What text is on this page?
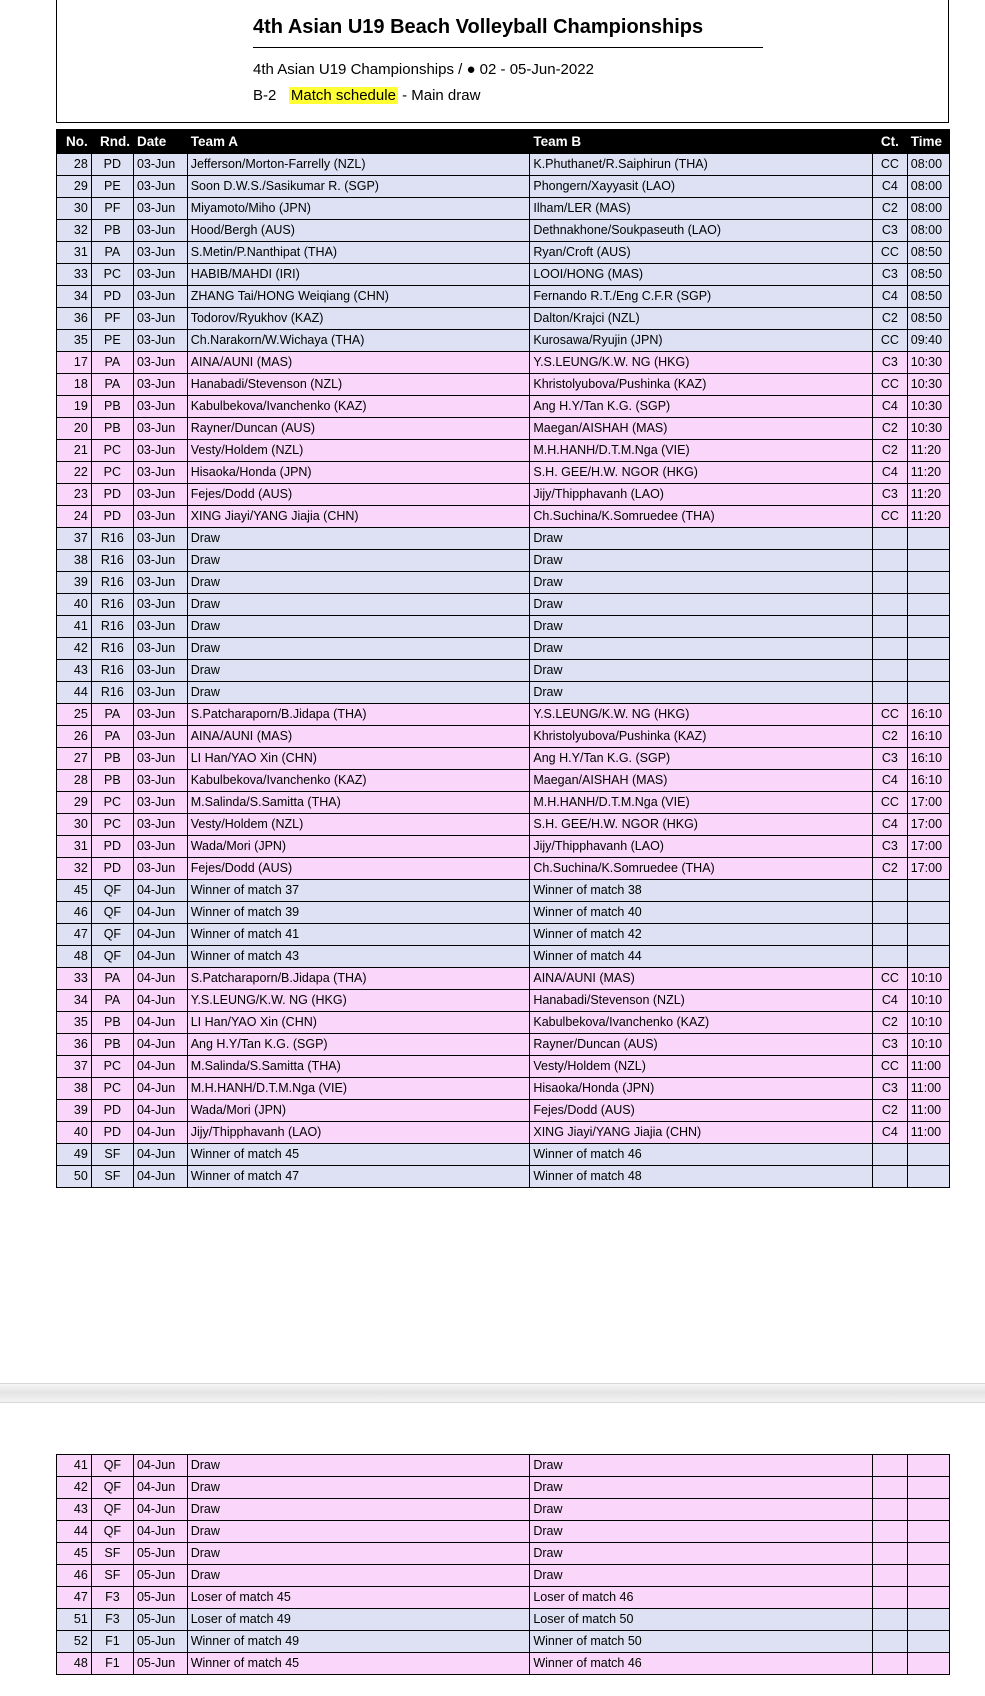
4th Asian U19 Beach Volleyball Championships
4th Asian U19 Championships / ● 02 - 05-Jun-2022
B-2 Match schedule - Main draw
No.	Rnd.	Date	Team A	Team B	Ct.	Time
28	PD	03-Jun	Jefferson/Morton-Farrelly (NZL)	K.Phuthanet/R.Saiphirun (THA)	CC	08:00
29	PE	03-Jun	Soon D.W.S./Sasikumar R. (SGP)	Phongern/Xayyasit (LAO)	C4	08:00
30	PF	03-Jun	Miyamoto/Miho (JPN)	Ilham/LER (MAS)	C2	08:00
32	PB	03-Jun	Hood/Bergh (AUS)	Dethnakhone/Soukpaseuth (LAO)	C3	08:00
31	PA	03-Jun	S.Metin/P.Nanthipat (THA)	Ryan/Croft (AUS)	CC	08:50
33	PC	03-Jun	HABIB/MAHDI (IRI)	LOOI/HONG (MAS)	C3	08:50
34	PD	03-Jun	ZHANG Tai/HONG Weiqiang (CHN)	Fernando R.T./Eng C.F.R (SGP)	C4	08:50
36	PF	03-Jun	Todorov/Ryukhov (KAZ)	Dalton/Krajci (NZL)	C2	08:50
35	PE	03-Jun	Ch.Narakorn/W.Wichaya (THA)	Kurosawa/Ryujin (JPN)	CC	09:40
17	PA	03-Jun	AINA/AUNI (MAS)	Y.S.LEUNG/K.W. NG (HKG)	C3	10:30
18	PA	03-Jun	Hanabadi/Stevenson (NZL)	Khristolyubova/Pushinka (KAZ)	CC	10:30
19	PB	03-Jun	Kabulbekova/Ivanchenko (KAZ)	Ang H.Y/Tan K.G. (SGP)	C4	10:30
20	PB	03-Jun	Rayner/Duncan (AUS)	Maegan/AISHAH (MAS)	C2	10:30
21	PC	03-Jun	Vesty/Holdem (NZL)	M.H.HANH/D.T.M.Nga (VIE)	C2	11:20
22	PC	03-Jun	Hisaoka/Honda (JPN)	S.H. GEE/H.W. NGOR (HKG)	C4	11:20
23	PD	03-Jun	Fejes/Dodd (AUS)	Jijy/Thipphavanh (LAO)	C3	11:20
24	PD	03-Jun	XING Jiayi/YANG Jiajia (CHN)	Ch.Suchina/K.Somruedee (THA)	CC	11:20
37	R16	03-Jun	Draw	Draw		
38	R16	03-Jun	Draw	Draw		
39	R16	03-Jun	Draw	Draw		
40	R16	03-Jun	Draw	Draw		
41	R16	03-Jun	Draw	Draw		
42	R16	03-Jun	Draw	Draw		
43	R16	03-Jun	Draw	Draw		
44	R16	03-Jun	Draw	Draw		
25	PA	03-Jun	S.Patcharaporn/B.Jidapa (THA)	Y.S.LEUNG/K.W. NG (HKG)	CC	16:10
26	PA	03-Jun	AINA/AUNI (MAS)	Khristolyubova/Pushinka (KAZ)	C2	16:10
27	PB	03-Jun	LI Han/YAO Xin (CHN)	Ang H.Y/Tan K.G. (SGP)	C3	16:10
28	PB	03-Jun	Kabulbekova/Ivanchenko (KAZ)	Maegan/AISHAH (MAS)	C4	16:10
29	PC	03-Jun	M.Salinda/S.Samitta (THA)	M.H.HANH/D.T.M.Nga (VIE)	CC	17:00
30	PC	03-Jun	Vesty/Holdem (NZL)	S.H. GEE/H.W. NGOR (HKG)	C4	17:00
31	PD	03-Jun	Wada/Mori (JPN)	Jijy/Thipphavanh (LAO)	C3	17:00
32	PD	03-Jun	Fejes/Dodd (AUS)	Ch.Suchina/K.Somruedee (THA)	C2	17:00
45	QF	04-Jun	Winner of match 37	Winner of match 38		
46	QF	04-Jun	Winner of match 39	Winner of match 40		
47	QF	04-Jun	Winner of match 41	Winner of match 42		
48	QF	04-Jun	Winner of match 43	Winner of match 44		
33	PA	04-Jun	S.Patcharaporn/B.Jidapa (THA)	AINA/AUNI (MAS)	CC	10:10
34	PA	04-Jun	Y.S.LEUNG/K.W. NG (HKG)	Hanabadi/Stevenson (NZL)	C4	10:10
35	PB	04-Jun	LI Han/YAO Xin (CHN)	Kabulbekova/Ivanchenko (KAZ)	C2	10:10
36	PB	04-Jun	Ang H.Y/Tan K.G. (SGP)	Rayner/Duncan (AUS)	C3	10:10
37	PC	04-Jun	M.Salinda/S.Samitta (THA)	Vesty/Holdem (NZL)	CC	11:00
38	PC	04-Jun	M.H.HANH/D.T.M.Nga (VIE)	Hisaoka/Honda (JPN)	C3	11:00
39	PD	04-Jun	Wada/Mori (JPN)	Fejes/Dodd (AUS)	C2	11:00
40	PD	04-Jun	Jijy/Thipphavanh (LAO)	XING Jiayi/YANG Jiajia (CHN)	C4	11:00
49	SF	04-Jun	Winner of match 45	Winner of match 46		
50	SF	04-Jun	Winner of match 47	Winner of match 48		
41	QF	04-Jun	Draw	Draw		
42	QF	04-Jun	Draw	Draw		
43	QF	04-Jun	Draw	Draw		
44	QF	04-Jun	Draw	Draw		
45	SF	05-Jun	Draw	Draw		
46	SF	05-Jun	Draw	Draw		
47	F3	05-Jun	Loser of match 45	Loser of match 46		
51	F3	05-Jun	Loser of match 49	Loser of match 50		
52	F1	05-Jun	Winner of match 49	Winner of match 50		
48	F1	05-Jun	Winner of match 45	Winner of match 46		
